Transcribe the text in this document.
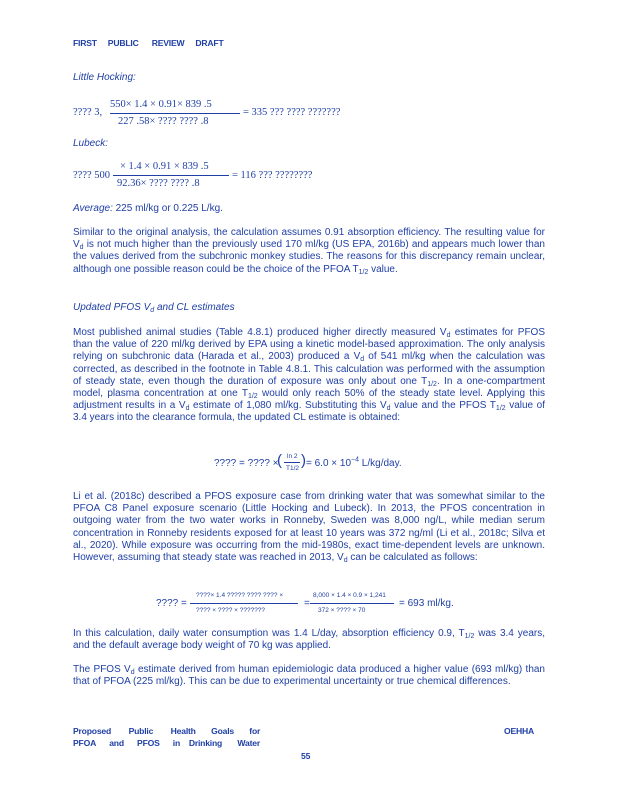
FIRST PUBLIC REVIEW DRAFT
Little Hocking:
???? 3,
550× 1.4 × 0.91× 839 .5
227 .58× ???? ???? .8
= 335 ??? ???? ???????
Lubeck:
???? 500
× 1.4 × 0.91 × 839 .5
92.36× ???? ???? .8
= 116 ??? ????????
Average: 225 ml/kg or 0.225 L/kg.
Similar to the original analysis, the calculation assumes 0.91 absorption efficiency. The resulting value for $V_d$ is not much higher than the previously used 170 ml/kg (US EPA, 2016b) and appears much lower than the values derived from the subchronic monkey studies. The reasons for this discrepancy remain unclear, although one possible reason could be the choice of the PFOA $T_{1/2}$ value.
Updated PFOS $V_d$ and CL estimates
Most published animal studies (Table 4.8.1) produced higher directly measured $V_d$ estimates for PFOS than the value of 220 ml/kg derived by EPA using a kinetic model-based approximation. The only analysis relying on subchronic data (Harada et al., 2003) produced a $V_d$ of 541 ml/kg when the calculation was corrected, as described in the footnote in Table 4.8.1. This calculation was performed with the assumption of steady state, even though the duration of exposure was only about one $T_{1/2}$. In a one-compartment model, plasma concentration at one $T_{1/2}$ would only reach 50% of the steady state level. Applying this adjustment results in a $V_d$ estimate of 1,080 ml/kg. Substituting this $V_d$ value and the PFOS $T_{1/2}$ value of 3.4 years into the clearance formula, the updated CL estimate is obtained:
???? = ???? ×
( ln 2
T1/2 ) = $6.0 \times 10^{-4}$ L/kg/day.
Li et al. (2018c) described a PFOS exposure case from drinking water that was somewhat similar to the PFOA C8 Panel exposure scenario (Little Hocking and Lubeck). In 2013, the PFOS concentration in outgoing water from the two water works in Ronneby, Sweden was 8,000 ng/L, while median serum concentration in Ronneby residents exposed for at least 10 years was 372 ng/ml (Li et al., 2018c; Silva et al., 2020). While exposure was occurring from the mid-1980s, exact time-dependent levels are unknown. However, assuming that steady state was reached in 2013, $V_d$ can be calculated as follows:
???? =
????× 1.4 ????? ???? ???? ×
???? × ???? × ???????
=
8,000 × 1.4 × 0.9 × 1,241
372 × ???? × 70
= 693 ml/kg.
In this calculation, daily water consumption was 1.4 L/day, absorption efficiency 0.9, $T_{1/2}$ was 3.4 years, and the default average body weight of 70 kg was applied.
The PFOS $V_d$ estimate derived from human epidemiologic data produced a higher value (693 ml/kg) than that of PFOA (225 ml/kg). This can be due to experimental uncertainty or true chemical differences.
Proposed Public Health Goals for	OEHHA
PFOA and PFOS in Drinking Water
55
